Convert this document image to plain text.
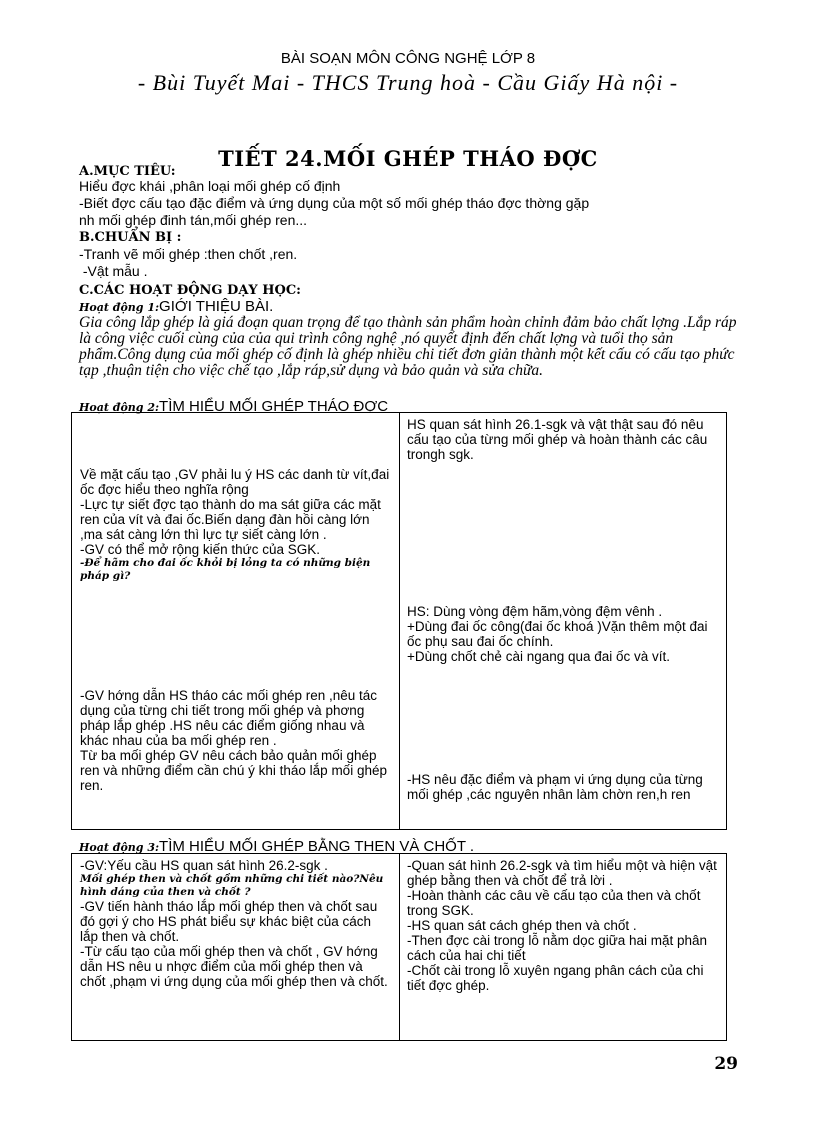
BÀI SOẠN MÔN CÔNG NGHỆ LỚP 8
- Bùi Tuyết Mai - THCS Trung hoà - Cầu Giấy Hà nội -
TIẾT 24.MỐI GHÉP THÁO ĐỢC
A.MỤC TIÊU:
Hiểu đợc khái ,phân loại mối ghép cố định
-Biết đợc cấu tạo đặc điểm và ứng dụng của một số mối ghép tháo đợc thờng gặp
nh mối ghép đinh tán,mối ghép ren...
B.CHUẨN BỊ :
-Tranh vẽ mối ghép :then chốt ,ren.
-Vật mẫu .
C.CÁC HOẠT ĐỘNG DẠY HỌC:
Hoạt động 1:GIỚI THIỆU BÀI.

Gia công lắp ghép là giá đoạn quan trọng để tạo thành sản phẩm hoàn chỉnh đảm bảo chất lợng .Lắp ráp là công việc cuối cùng của của qui trình công nghệ ,nó quyết định đến chất lợng và tuổi thọ sản phẩm.Công dụng của mối ghép cố định là ghép nhiều chi tiết đơn giản thành một kết cấu có cấu tạo phức tạp ,thuận tiện cho việc chế tạo ,lắp ráp,sử dụng và bảo quản và sửa chữa.

Hoạt động 2:TÌM HIỂU MỐI GHÉP THÁO ĐỢC

Về mặt cấu tạo ,GV phải lu ý HS các danh từ vít,đai ốc đợc hiểu theo nghĩa rộng

-Lực tự siết đợc tạo thành do ma sát giữa các mặt ren của vít và đai ốc.Biến dạng đàn hồi càng lớn ,ma sát càng lớn thì lực tự siết càng lớn .

-GV có thể mở rộng kiến thức của SGK.

-Để hãm cho đai ốc khỏi bị lỏng ta có những biện pháp gì?

-GV hớng dẫn HS tháo các mối ghép ren ,nêu tác dụng của từng chi tiết trong mối ghép và phơng pháp lắp ghép .HS nêu các điểm giống nhau và khác nhau của ba mối ghép ren .

Từ ba mối ghép GV nêu cách bảo quản mối ghép ren và những điểm cần chú ý khi tháo lắp mối ghép ren.

HS quan sát hình 26.1-sgk và vật thật sau đó nêu cấu tạo của từng mối ghép và hoàn thành các câu trongh sgk.

HS: Dùng vòng đệm hãm,vòng đệm vênh .

+Dùng đai ốc công(đai ốc khoá )Vặn thêm một đai ốc phụ sau đai ốc chính.

+Dùng chốt chẻ cài ngang qua đai ốc và vít.

-HS nêu đặc điểm và phạm vi ứng dụng của từng mối ghép ,các nguyên nhân làm chờn ren,h ren

Hoạt động 3:TÌM HIỂU MỐI GHÉP BẰNG THEN VÀ CHỐT .

-GV:Yếu cầu HS quan sát hình 26.2-sgk .

Mối ghép then và chốt gồm những chi tiết nào?Nêu hình dáng của then và chốt ?

-GV tiến hành tháo lắp mối ghép then và chốt sau đó gợi ý cho HS phát biểu sự khác biệt của cách lắp then và chốt.

-Từ cấu tạo của mối ghép then và chốt , GV hớng dẫn HS nêu u nhợc điểm của mối ghép then và chốt ,phạm vi ứng dụng của mối ghép then và chốt.

-Quan sát hình 26.2-sgk và tìm hiểu một và hiện vật ghép bằng then và chốt để trả lời .

-Hoàn thành các câu về cấu tạo của then và chốt trong SGK.

-HS quan sát cách ghép then và chốt .

-Then đợc cài trong lỗ nằm dọc giữa hai mặt phân cách của hai chi tiết

-Chốt cài trong lỗ xuyên ngang phân cách của chi tiết đợc ghép.

29
